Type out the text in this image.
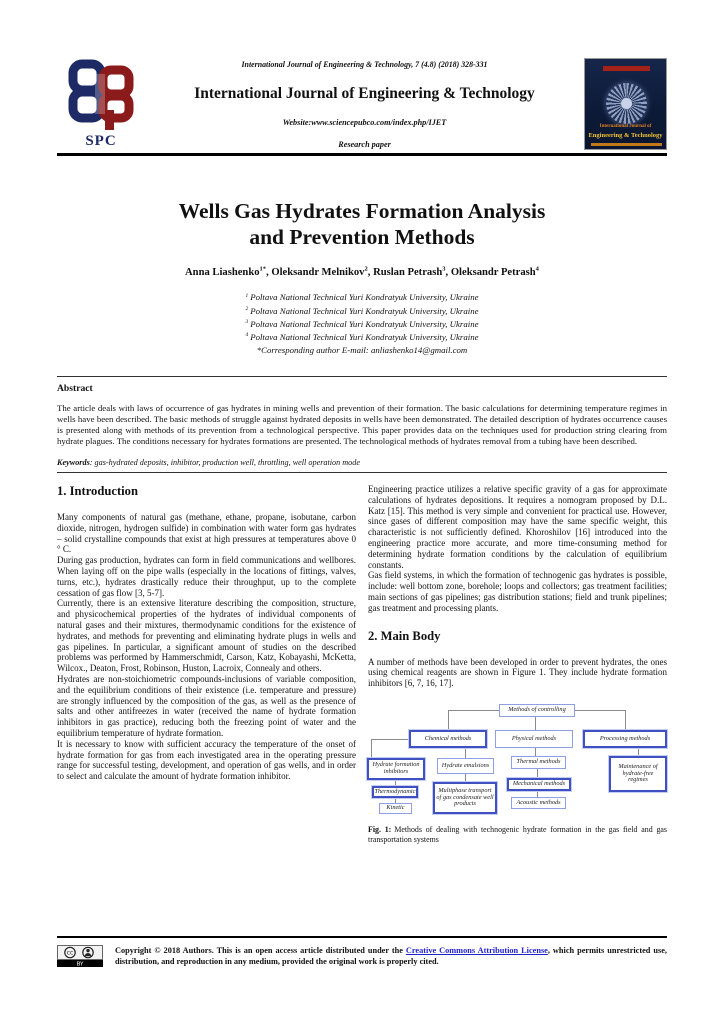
SPC
International Journal of Engineering & Technology, 7 (4.8) (2018) 328-331
International Journal of Engineering & Technology
Website:www.sciencepubco.com/index.php/IJET
Research paper
International Journal of
Engineering & Technology
Wells Gas Hydrates Formation Analysis
and Prevention Methods
Anna Liashenko$^{1*}$, Oleksandr Melnikov$^2$, Ruslan Petrash$^3$, Oleksandr Petrash$^4$
$^1$ Poltava National Technical Yuri Kondratyuk University, Ukraine
$^2$ Poltava National Technical Yuri Kondratyuk University, Ukraine
$^3$ Poltava National Technical Yuri Kondratyuk University, Ukraine
$^4$ Poltava National Technical Yuri Kondratyuk University, Ukraine
*Corresponding author E-mail: anliashenko14@gmail.com
Abstract
The article deals with laws of occurrence of gas hydrates in mining wells and prevention of their formation. The basic calculations for determining temperature regimes in wells have been described. The basic methods of struggle against hydrated deposits in wells have been demonstrated. The detailed description of hydrates occurrence causes is presented along with methods of its prevention from a technological perspective. This paper provides data on the techniques used for production string clearing from hydrate plagues. The conditions necessary for hydrates formations are presented. The technological methods of hydrates removal from a tubing have been described.
Keywords: gas-hydrated deposits, inhibitor, production well, throttling, well operation mode
1. Introduction

Many components of natural gas (methane, ethane, propane, isobutane, carbon dioxide, nitrogen, hydrogen sulfide) in combination with water form gas hydrates – solid crystalline compounds that exist at high pressures at temperatures above 0 ° C.

During gas production, hydrates can form in field communications and wellbores. When laying off on the pipe walls (especially in the locations of fittings, valves, turns, etc.), hydrates drastically reduce their throughput, up to the complete cessation of gas flow [3, 5-7].

Currently, there is an extensive literature describing the composition, structure, and physicochemical properties of the hydrates of individual components of natural gases and their mixtures, thermodynamic conditions for the existence of hydrates, and methods for preventing and eliminating hydrate plugs in wells and gas pipelines. In particular, a significant amount of studies on the described problems was performed by Hammerschmidt, Carson, Katz, Kobayashi, McKetta, Wilcox., Deaton, Frost, Robinson, Huston, Lacroix, Connealy and others.

Hydrates are non-stoichiometric compounds-inclusions of variable composition, and the equilibrium conditions of their existence (i.e. temperature and pressure) are strongly influenced by the composition of the gas, as well as the presence of salts and other antifreezes in water (received the name of hydrate formation inhibitors in gas practice), reducing both the freezing point of water and the equilibrium temperature of hydrate formation.

It is necessary to know with sufficient accuracy the temperature of the onset of hydrate formation for gas from each investigated area in the operating pressure range for successful testing, development, and operation of gas wells, and in order to select and calculate the amount of hydrate formation inhibitor.

Engineering practice utilizes a relative specific gravity of a gas for approximate calculations of hydrates depositions. It requires a nomogram proposed by D.L. Katz [15]. This method is very simple and convenient for practical use. However, since gases of different composition may have the same specific weight, this characteristic is not sufficiently defined. Khoroshilov [16] introduced into the engineering practice more accurate, and more time-consuming method for determining hydrate formation conditions by the calculation of equilibrium constants.

Gas field systems, in which the formation of technogenic gas hydrates is possible, include: well bottom zone, borehole; loops and collectors; gas treatment facilities; main sections of gas pipelines; gas distribution stations; field and trunk pipelines; gas treatment and processing plants.

2. Main Body

A number of methods have been developed in order to prevent hydrates, the ones using chemical reagents are shown in Figure 1. They include hydrate formation inhibitors [6, 7, 16, 17].

Methods of controlling
Chemical methods	Physical methods	Processing methods
Hydrate formation inhibitors
Thermodynamic
Kinetic
Hydrate emulsions
Multiphase transport of gas condensate well products
Thermal methods
Mechanical methods
Acoustic methods
Maintenance of hydrate-free regimes
Fig. 1: Methods of dealing with technogenic hydrate formation in the gas field and gas transportation systems
cc
BY
Copyright © 2018 Authors. This is an open access article distributed under the Creative Commons Attribution License, which permits unrestricted use, distribution, and reproduction in any medium, provided the original work is properly cited.
